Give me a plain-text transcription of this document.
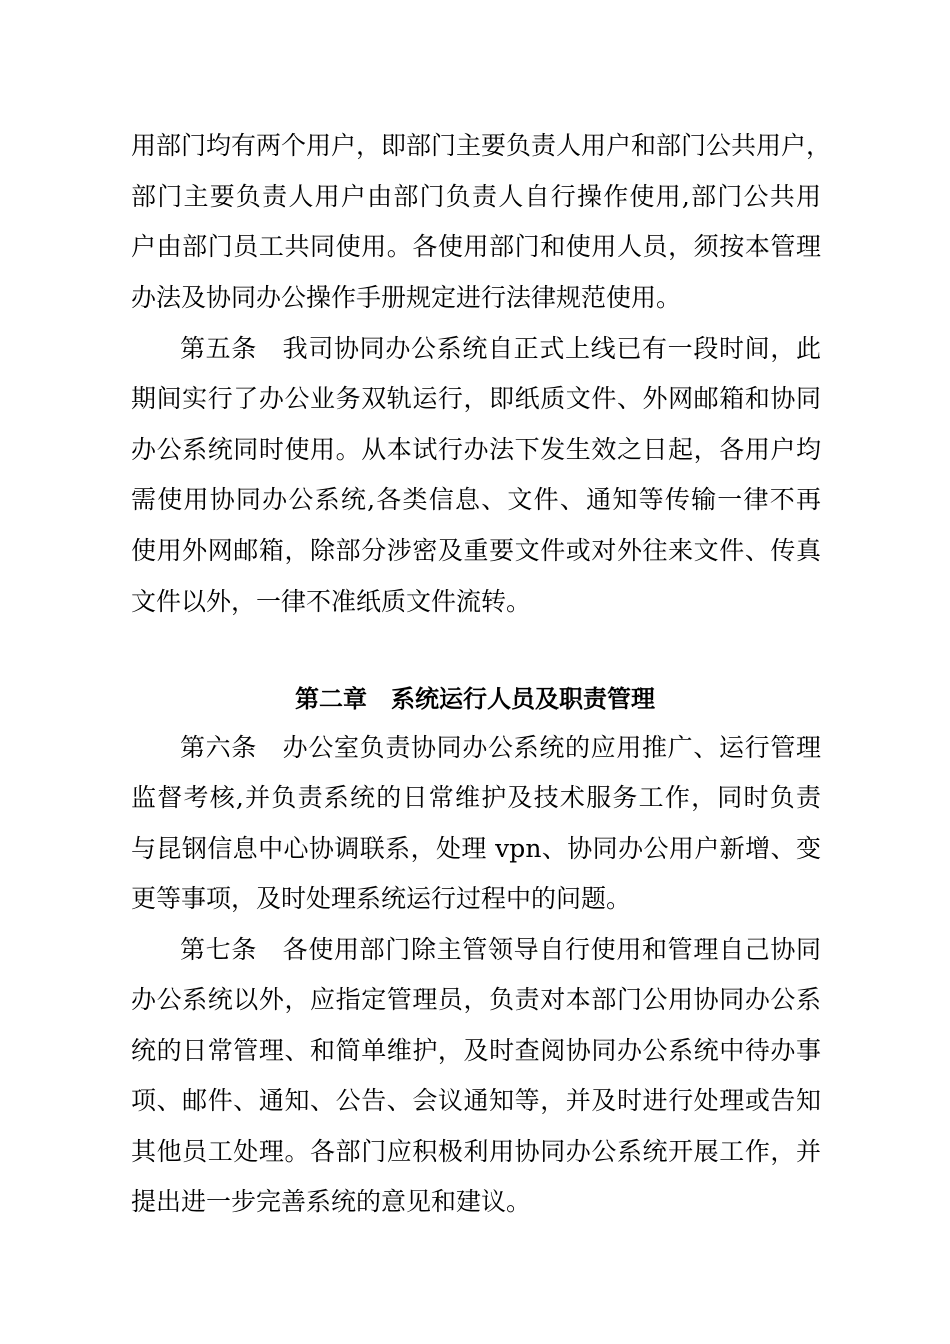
用部门均有两个用户，即部门主要负责人用户和部门公共用户，
部门主要负责人用户由部门负责人自行操作使用,部门公共用
户由部门员工共同使用。各使用部门和使用人员，须按本管理
办法及协同办公操作手册规定进行法律规范使用。
第五条　我司协同办公系统自正式上线已有一段时间，此
期间实行了办公业务双轨运行，即纸质文件、外网邮箱和协同
办公系统同时使用。从本试行办法下发生效之日起，各用户均
需使用协同办公系统,各类信息、文件、通知等传输一律不再
使用外网邮箱，除部分涉密及重要文件或对外往来文件、传真
文件以外，一律不准纸质文件流转。
第二章　系统运行人员及职责管理
第六条　办公室负责协同办公系统的应用推广、运行管理
监督考核,并负责系统的日常维护及技术服务工作，同时负责
与昆钢信息中心协调联系，处理 vpn、协同办公用户新增、变
更等事项，及时处理系统运行过程中的问题。
第七条　各使用部门除主管领导自行使用和管理自己协同
办公系统以外，应指定管理员，负责对本部门公用协同办公系
统的日常管理、和简单维护，及时查阅协同办公系统中待办事
项、邮件、通知、公告、会议通知等，并及时进行处理或告知
其他员工处理。各部门应积极利用协同办公系统开展工作，并
提出进一步完善系统的意见和建议。
